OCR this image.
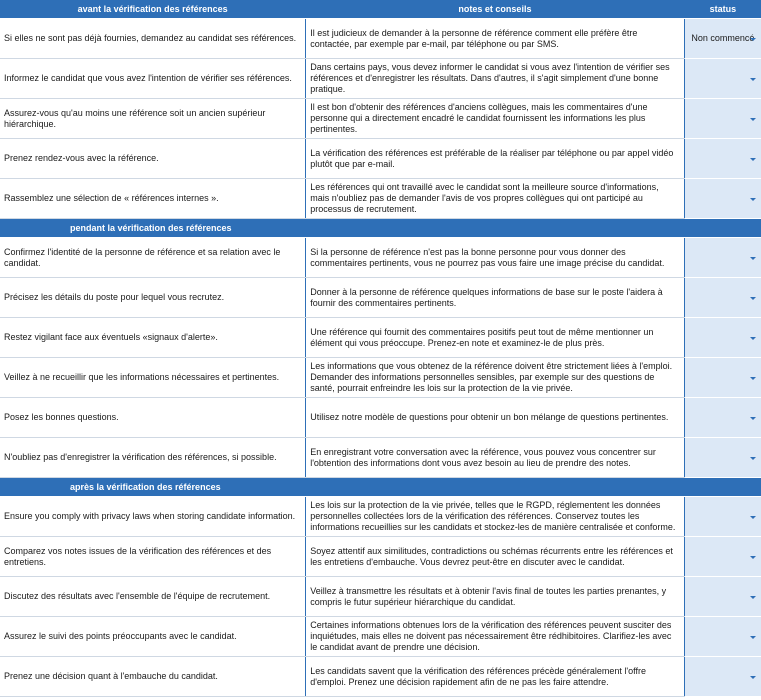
avant la vérification des références	notes et conseils	status
Si elles ne sont pas déjà fournies, demandez au candidat ses références.	Il est judicieux de demander à la personne de référence comment elle préfère être contactée, par exemple par e-mail, par téléphone ou par SMS.	Non commencé

Informez le candidat que vous avez l'intention de vérifier ses références.	Dans certains pays, vous devez informer le candidat si vous avez l'intention de vérifier ses références et d'enregistrer les résultats. Dans d'autres, il s'agit simplement d'une bonne pratique.	

Assurez-vous qu'au moins une référence soit un ancien supérieur hiérarchique.	Il est bon d'obtenir des références d'anciens collègues, mais les commentaires d'une personne qui a directement encadré le candidat fournissent les informations les plus pertinentes.	

Prenez rendez-vous avec la référence.	La vérification des références est préférable de la réaliser par téléphone ou par appel vidéo plutôt que par e-mail.	

Rassemblez une sélection de « références internes ».	Les références qui ont travaillé avec le candidat sont la meilleure source d'informations, mais n'oubliez pas de demander l'avis de vos propres collègues qui ont participé au processus de recrutement.	

pendant la vérification des références		
Confirmez l'identité de la personne de référence et sa relation avec le candidat.	Si la personne de référence n'est pas la bonne personne pour vous donner des commentaires pertinents, vous ne pourrez pas vous faire une image précise du candidat.	

Précisez les détails du poste pour lequel vous recrutez.	Donner à la personne de référence quelques informations de base sur le poste l'aidera à fournir des commentaires pertinents.	

Restez vigilant face aux éventuels «signaux d'alerte».	Une référence qui fournit des commentaires positifs peut tout de même mentionner un élément qui vous préoccupe. Prenez-en note et examinez-le de plus près.	

Veillez à ne recueillir que les informations nécessaires et pertinentes.	Les informations que vous obtenez de la référence doivent être strictement liées à l'emploi. Demander des informations personnelles sensibles, par exemple sur des questions de santé, pourrait enfreindre les lois sur la protection de la vie privée.	

Posez les bonnes questions.	Utilisez notre modèle de questions pour obtenir un bon mélange de questions pertinentes.	

N'oubliez pas d'enregistrer la vérification des références, si possible.	En enregistrant votre conversation avec la référence, vous pouvez vous concentrer sur l'obtention des informations dont vous avez besoin au lieu de prendre des notes.	

après la vérification des références		
Ensure you comply with privacy laws when storing candidate information.	Les lois sur la protection de la vie privée, telles que le RGPD, réglementent les données personnelles collectées lors de la vérification des références. Conservez toutes les informations recueillies sur les candidats et stockez-les de manière centralisée et conforme.	

Comparez vos notes issues de la vérification des références et des entretiens.	Soyez attentif aux similitudes, contradictions ou schémas récurrents entre les références et les entretiens d'embauche. Vous devrez peut-être en discuter avec le candidat.	

Discutez des résultats avec l'ensemble de l'équipe de recrutement.	Veillez à transmettre les résultats et à obtenir l'avis final de toutes les parties prenantes, y compris le futur supérieur hiérarchique du candidat.	

Assurez le suivi des points préoccupants avec le candidat.	Certaines informations obtenues lors de la vérification des références peuvent susciter des inquiétudes, mais elles ne doivent pas nécessairement être rédhibitoires. Clarifiez-les avec le candidat avant de prendre une décision.	

Prenez une décision quant à l'embauche du candidat.	Les candidats savent que la vérification des références précède généralement l'offre d'emploi. Prenez une décision rapidement afin de ne pas les faire attendre.	
